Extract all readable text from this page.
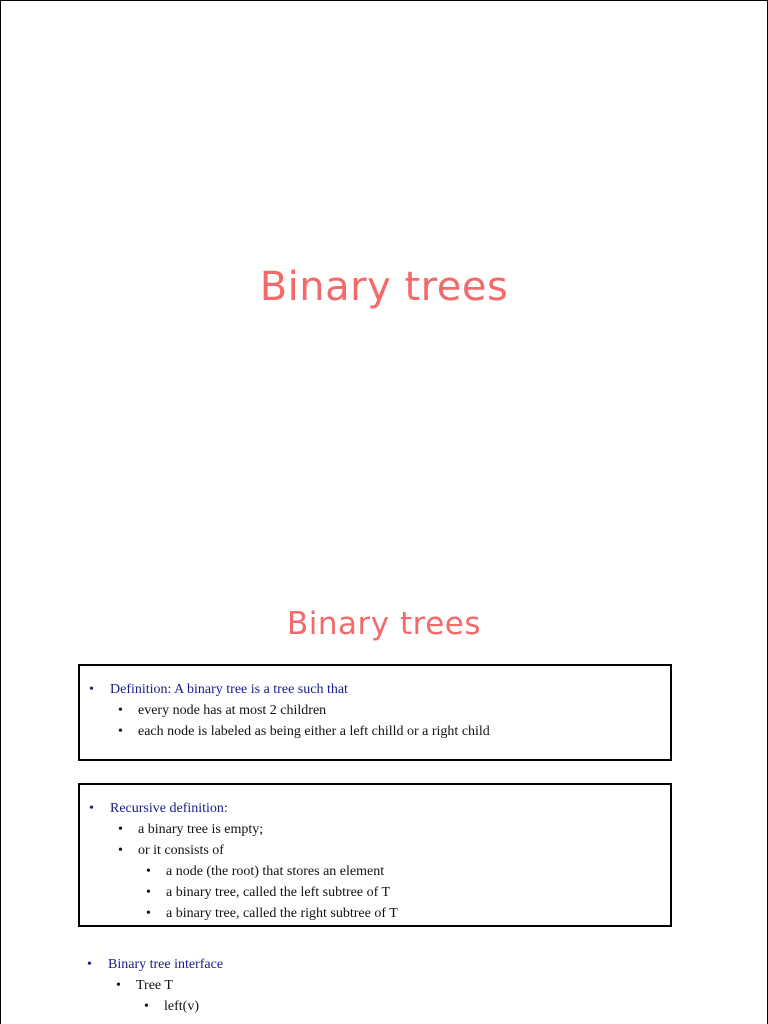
Binary trees
Binary trees
• Definition: A binary tree is a tree such that
• every node has at most 2 children
• each node is labeled as being either a left chilld or a right child
• Recursive definition:
• a binary tree is empty;
• or it consists of
• a node (the root) that stores an element
• a binary tree, called the left subtree of T
• a binary tree, called the right subtree of T
• Binary tree interface
• Tree T
• left(v)
